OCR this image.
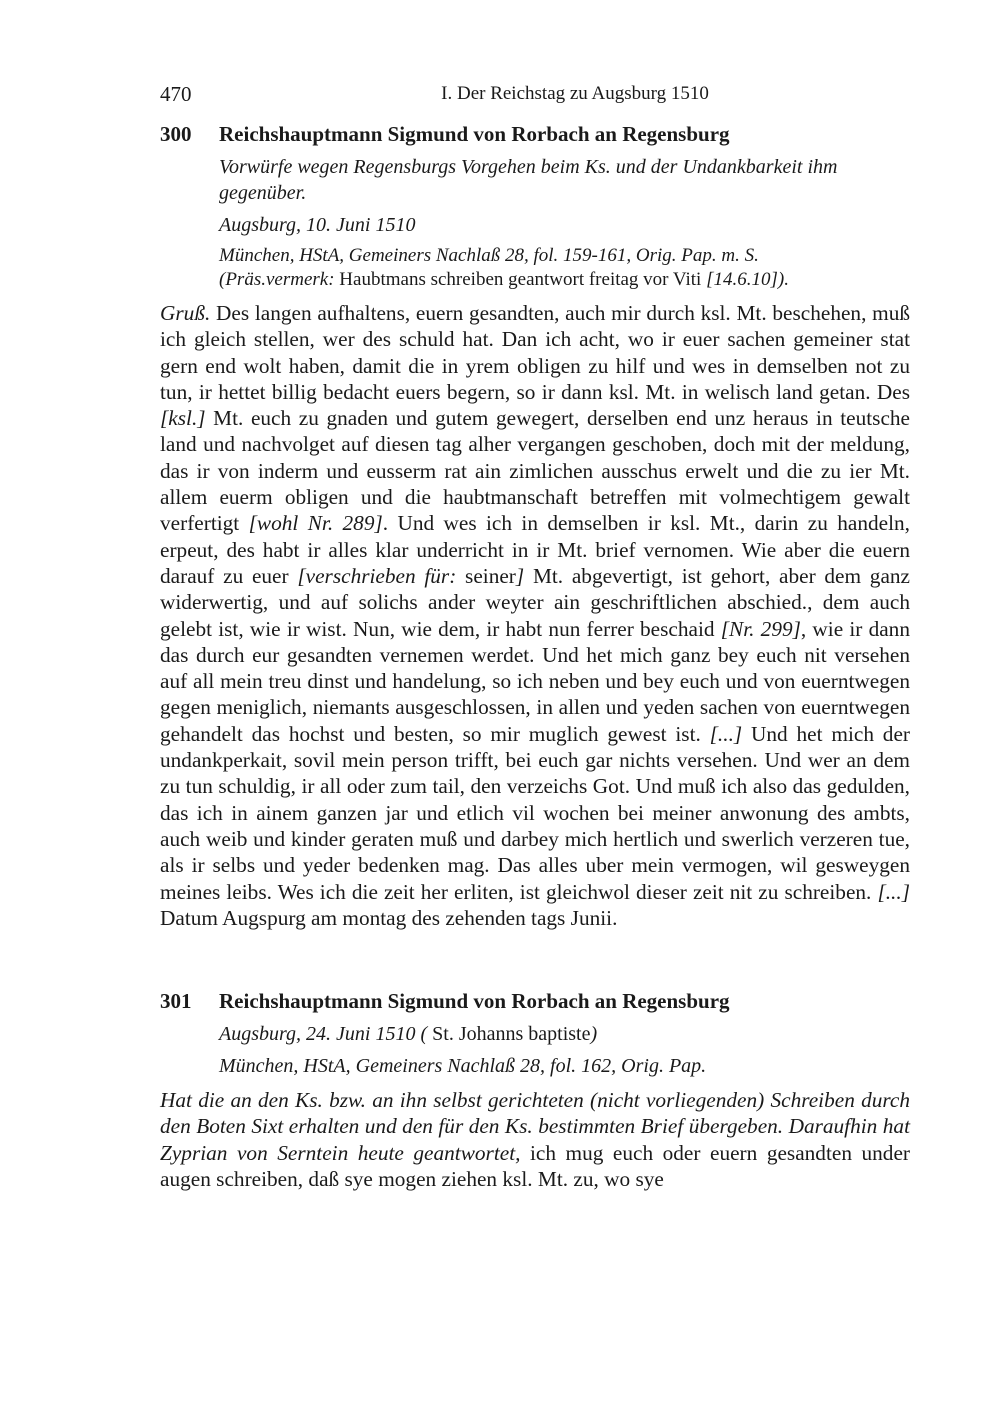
470	I. Der Reichstag zu Augsburg 1510
300	Reichshauptmann Sigmund von Rorbach an Regensburg
Vorwürfe wegen Regensburgs Vorgehen beim Ks. und der Undankbarkeit ihm gegenüber.
Augsburg, 10. Juni 1510
München, HStA, Gemeiners Nachlaß 28, fol. 159-161, Orig. Pap. m. S.
(Präs.vermerk: Haubtmans schreiben geantwort freitag vor Viti [14.6.10]).
Gruß. Des langen aufhaltens, euern gesandten, auch mir durch ksl. Mt. beschehen, muß ich gleich stellen, wer des schuld hat. Dan ich acht, wo ir euer sachen gemeiner stat gern end wolt haben, damit die in yrem obligen zu hilf und wes in demselben not zu tun, ir hettet billig bedacht euers begern, so ir dann ksl. Mt. in welisch land getan. Des [ksl.] Mt. euch zu gnaden und gutem gewegert, derselben end unz heraus in teutsche land und nachvolget auf diesen tag alher vergangen geschoben, doch mit der meldung, das ir von inderm und eusserm rat ain zimlichen ausschus erwelt und die zu ier Mt. allem euerm obligen und die haubtmanschaft betreffen mit volmechtigem gewalt verfertigt [wohl Nr. 289]. Und wes ich in demselben ir ksl. Mt., darin zu handeln, erpeut, des habt ir alles klar underricht in ir Mt. brief vernomen. Wie aber die euern darauf zu euer [verschrieben für: seiner] Mt. abgevertigt, ist gehort, aber dem ganz widerwertig, und auf solichs ander weyter ain geschriftlichen abschied., dem auch gelebt ist, wie ir wist. Nun, wie dem, ir habt nun ferrer beschaid [Nr. 299], wie ir dann das durch eur gesandten vernemen werdet. Und het mich ganz bey euch nit versehen auf all mein treu dinst und handelung, so ich neben und bey euch und von euerntwegen gegen meniglich, niemants ausgeschlossen, in allen und yeden sachen von euerntwegen gehandelt das hochst und besten, so mir muglich gewest ist. [...] Und het mich der undankperkait, sovil mein person trifft, bei euch gar nichts versehen. Und wer an dem zu tun schuldig, ir all oder zum tail, den verzeichs Got. Und muß ich also das gedulden, das ich in ainem ganzen jar und etlich vil wochen bei meiner anwonung des ambts, auch weib und kinder geraten muß und darbey mich hertlich und swerlich verzeren tue, als ir selbs und yeder bedenken mag. Das alles uber mein vermogen, wil gesweygen meines leibs. Wes ich die zeit her erliten, ist gleichwol dieser zeit nit zu schreiben. [...] Datum Augspurg am montag des zehenden tags Junii.
301	Reichshauptmann Sigmund von Rorbach an Regensburg
Augsburg, 24. Juni 1510 ( St. Johanns baptiste)
München, HStA, Gemeiners Nachlaß 28, fol. 162, Orig. Pap.
Hat die an den Ks. bzw. an ihn selbst gerichteten (nicht vorliegenden) Schreiben durch den Boten Sixt erhalten und den für den Ks. bestimmten Brief übergeben. Daraufhin hat Zyprian von Serntein heute geantwortet, ich mug euch oder euern gesandten under augen schreiben, daß sye mogen ziehen ksl. Mt. zu, wo sye
